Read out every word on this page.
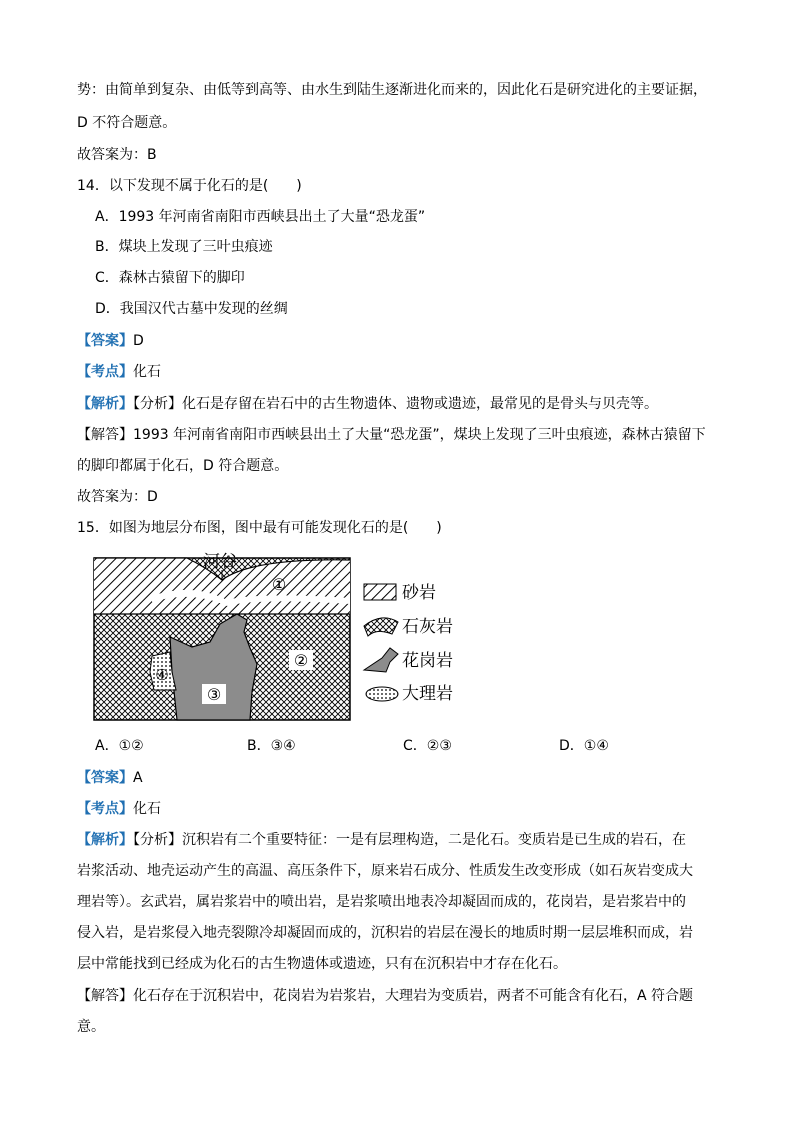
势：由简单到复杂、由低等到高等、由水生到陆生逐渐进化而来的，因此化石是研究进化的主要证据，
D 不符合题意。
故答案为：B
14．以下发现不属于化石的是(　　)
A．1993 年河南省南阳市西峡县出土了大量“恐龙蛋”
B．煤块上发现了三叶虫痕迹
C．森林古猿留下的脚印
D．我国汉代古墓中发现的丝绸
【答案】D
【考点】化石
【解析】【分析】化石是存留在岩石中的古生物遗体、遗物或遗迹，最常见的是骨头与贝壳等。
【解答】1993 年河南省南阳市西峡县出土了大量“恐龙蛋”，煤块上发现了三叶虫痕迹，森林古猿留下
的脚印都属于化石，D 符合题意。
故答案为：D
15．如图为地层分布图，图中最有可能发现化石的是(　　)
河谷
①
②
③
④
砂岩
石灰岩
花岗岩
大理岩
A．①②	B．③④	C．②③	D．①④
【答案】A
【考点】化石
【解析】【分析】沉积岩有二个重要特征：一是有层理构造，二是化石。变质岩是已生成的岩石，在
岩浆活动、地壳运动产生的高温、高压条件下，原来岩石成分、性质发生改变形成（如石灰岩变成大
理岩等）。玄武岩，属岩浆岩中的喷出岩，是岩浆喷出地表冷却凝固而成的，花岗岩，是岩浆岩中的
侵入岩，是岩浆侵入地壳裂隙冷却凝固而成的，沉积岩的岩层在漫长的地质时期一层层堆积而成，岩
层中常能找到已经成为化石的古生物遗体或遗迹，只有在沉积岩中才存在化石。
【解答】化石存在于沉积岩中，花岗岩为岩浆岩，大理岩为变质岩，两者不可能含有化石，A 符合题
意。
